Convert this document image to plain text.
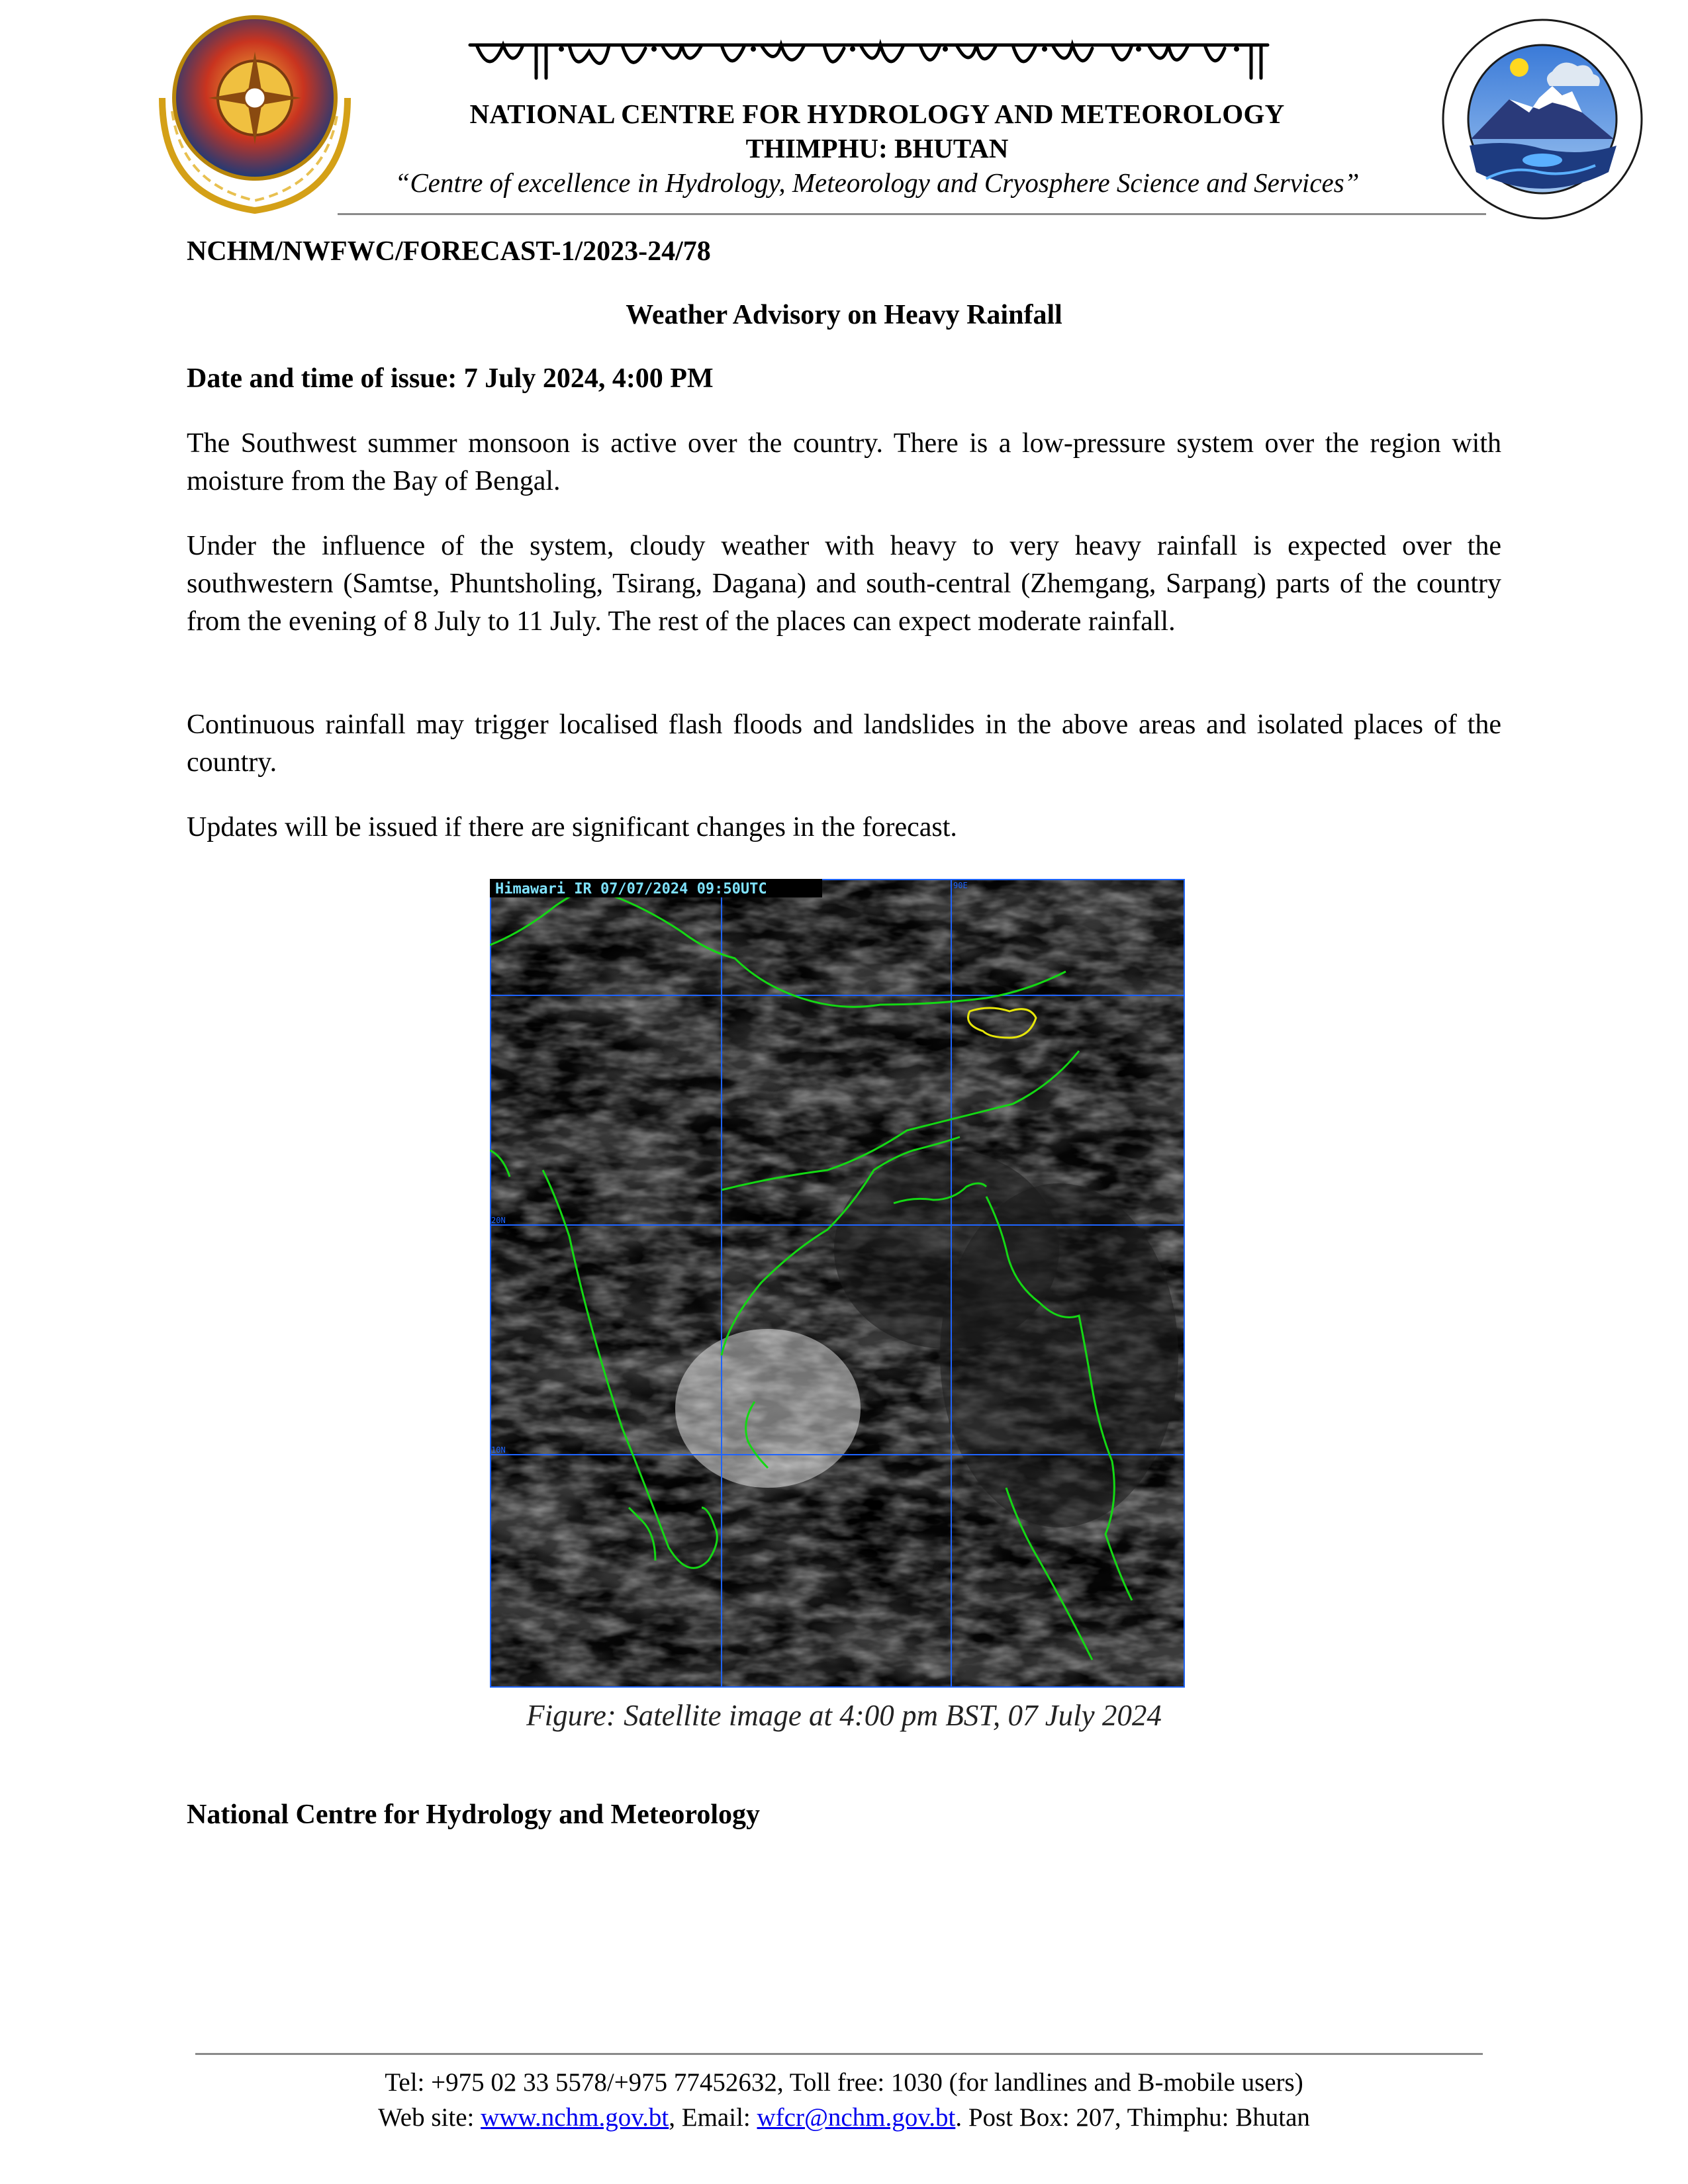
NATIONAL CENTRE FOR HYDROLOGY AND METEOROLOGY
THIMPHU: BHUTAN
“Centre of excellence in Hydrology, Meteorology and Cryosphere Science and Services”
NCHM/NWFWC/FORECAST-1/2023-24/78
Weather Advisory on Heavy Rainfall
Date and time of issue: 7 July 2024, 4:00 PM
The Southwest summer monsoon is active over the country. There is a low-pressure system over the region with moisture from the Bay of Bengal.
Under the influence of the system, cloudy weather with heavy to very heavy rainfall is expected over the southwestern (Samtse, Phuntsholing, Tsirang, Dagana) and south-central (Zhemgang, Sarpang) parts of the country from the evening of 8 July to 11 July. The rest of the places can expect moderate rainfall.
Continuous rainfall may trigger localised flash floods and landslides in the above areas and isolated places of the country.
Updates will be issued if there are significant changes in the forecast.
Himawari IR 07/07/2024 09:50UTC
20N
10N
90E
Figure: Satellite image at 4:00 pm BST, 07 July 2024
National Centre for Hydrology and Meteorology
Tel: +975 02 33 5578/+975 77452632, Toll free: 1030 (for landlines and B-mobile users)
Web site: www.nchm.gov.bt, Email: wfcr@nchm.gov.bt. Post Box: 207, Thimphu: Bhutan
